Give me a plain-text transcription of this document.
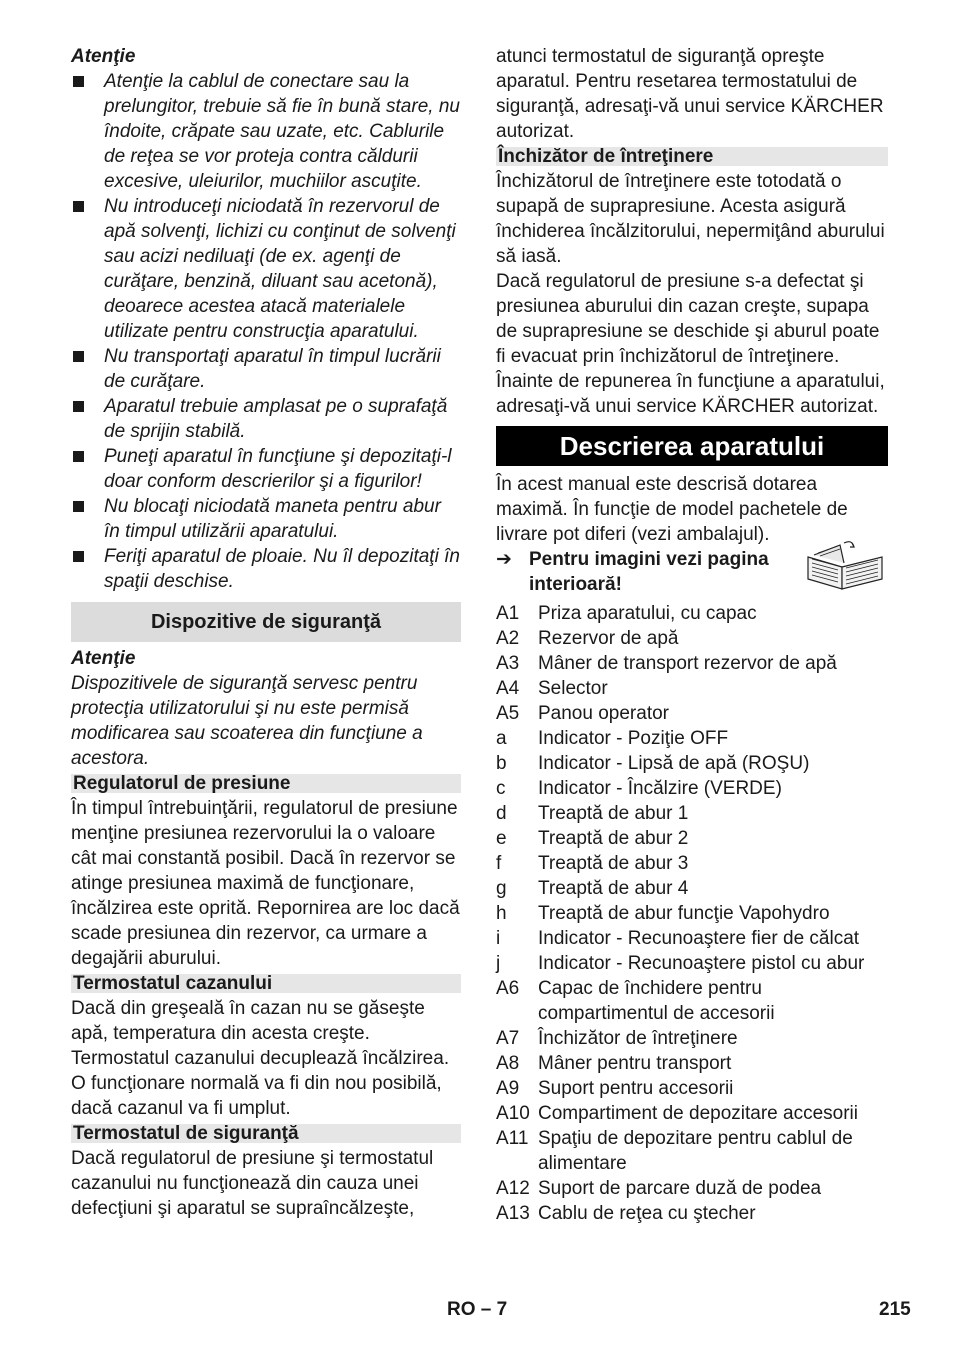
Atenţie

Atenţie la cablul de conectare sau la prelungitor, trebuie să fie în bună stare, nu îndoite, crăpate sau uzate, etc. Cablurile de reţea se vor proteja contra căldurii excesive, uleiurilor, muchiilor ascuţite.
Nu introduceţi niciodată în rezervorul de apă solvenţi, lichizi cu conţinut de solvenţi sau acizi nediluaţi (de ex. agenţi de curăţare, benzină, diluant sau acetonă), deoarece acestea atacă materialele utilizate pentru construcţia aparatului.
Nu transportaţi aparatul în timpul lucrării de curăţare.
Aparatul trebuie amplasat pe o suprafaţă de sprijin stabilă.
Puneţi aparatul în funcţiune şi depozitaţi-l doar conform descrierilor şi a figurilor!
Nu blocaţi niciodată maneta pentru abur în timpul utilizării aparatului.
Feriţi aparatul de ploaie. Nu îl depozitaţi în spaţii deschise.
Dispozitive de siguranţă

Atenţie

Dispozitivele de siguranţă servesc pentru protecţia utilizatorului şi nu este permisă modificarea sau scoaterea din funcţiune a acestora.

Regulatorul de presiune

În timpul întrebuinţării, regulatorul de presiune menţine presiunea rezervorului la o valoare cât mai constantă posibil. Dacă în rezervor se atinge presiunea maximă de funcţionare, încălzirea este oprită. Repornirea are loc dacă scade presiunea din rezervor, ca urmare a degajării aburului.

Termostatul cazanului

Dacă din greşeală în cazan nu se găseşte apă, temperatura din acesta creşte. Termostatul cazanului decuplează încălzirea. O funcţionare normală va fi din nou posibilă, dacă cazanul va fi umplut.

Termostatul de siguranţă

Dacă regulatorul de presiune şi termostatul cazanului nu funcţionează din cauza unei defecţiuni şi aparatul se supraîncălzeşte,

atunci termostatul de siguranţă opreşte aparatul. Pentru resetarea termostatului de siguranţă, adresaţi-vă unui service KÄRCHER autorizat.

Închizător de întreţinere

Închizătorul de întreţinere este totodată o supapă de suprapresiune. Acesta asigură închiderea încălzitorului, nepermiţând aburului să iasă.

Dacă regulatorul de presiune s-a defectat şi presiunea aburului din cazan creşte, supapa de suprapresiune se deschide şi aburul poate fi evacuat prin închizătorul de întreţinere.

Înainte de repunerea în funcţiune a aparatului, adresaţi-vă unui service KÄRCHER autorizat.

Descrierea aparatului

În acest manual este descrisă dotarea maximă. În funcţie de model pachetele de livrare pot diferi (vezi ambalajul).

➔ Pentru imagini vezi pagina interioară!
A1	Priza aparatului, cu capac
A2	Rezervor de apă
A3	Mâner de transport rezervor de apă
A4	Selector
A5	Panou operator
a	Indicator - Poziţie OFF
b	Indicator - Lipsă de apă (ROŞU)
c	Indicator - Încălzire (VERDE)
d	Treaptă de abur 1
e	Treaptă de abur 2
f	Treaptă de abur 3
g	Treaptă de abur 4
h	Treaptă de abur funcţie Vapohydro
i	Indicator - Recunoaştere fier de călcat
j	Indicator - Recunoaştere pistol cu abur
A6	Capac de închidere pentru compartimentul de accesorii
A7	Închizător de întreţinere
A8	Mâner pentru transport
A9	Suport pentru accesorii
A10	Compartiment de depozitare accesorii
A11	Spaţiu de depozitare pentru cablul de alimentare
A12	Suport de parcare duză de podea
A13	Cablu de reţea cu ştecher
RO – 7	215
